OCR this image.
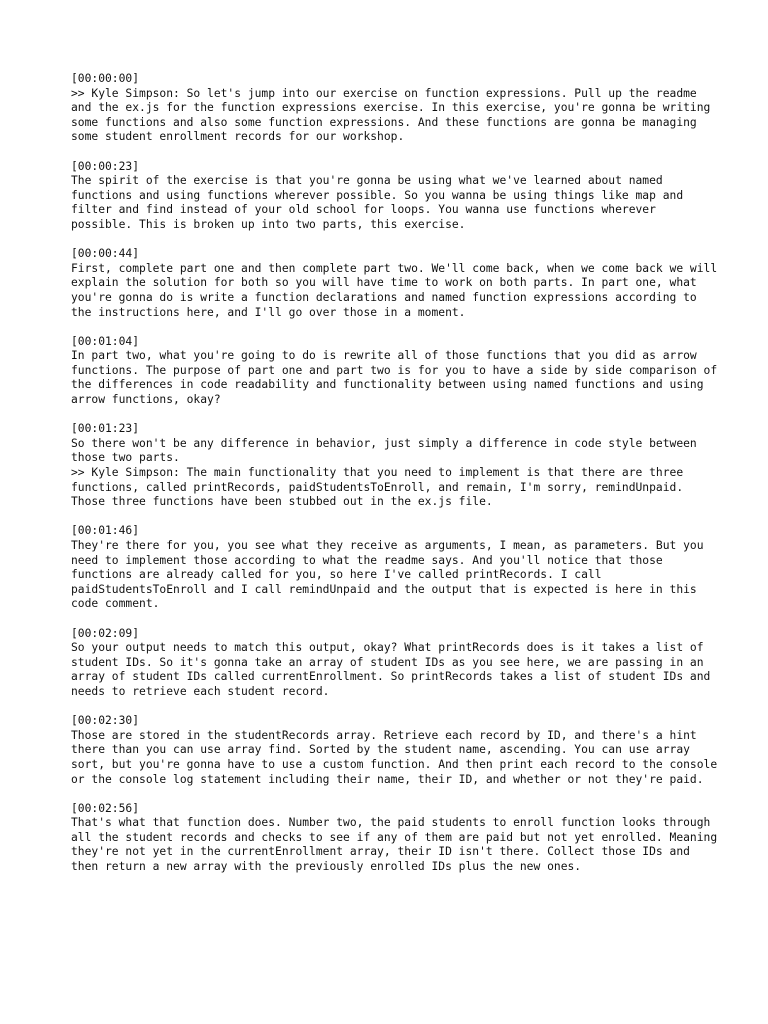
[00:00:00]
>> Kyle Simpson: So let's jump into our exercise on function expressions. Pull up the readme and the ex.js for the function expressions exercise. In this exercise, you're gonna be writing some functions and also some function expressions. And these functions are gonna be managing some student enrollment records for our workshop.
[00:00:23]
The spirit of the exercise is that you're gonna be using what we've learned about named functions and using functions wherever possible. So you wanna be using things like map and filter and find instead of your old school for loops. You wanna use functions wherever possible. This is broken up into two parts, this exercise.
[00:00:44]
First, complete part one and then complete part two. We'll come back, when we come back we will explain the solution for both so you will have time to work on both parts. In part one, what you're gonna do is write a function declarations and named function expressions according to the instructions here, and I'll go over those in a moment.
[00:01:04]
In part two, what you're going to do is rewrite all of those functions that you did as arrow functions. The purpose of part one and part two is for you to have a side by side comparison of the differences in code readability and functionality between using named functions and using arrow functions, okay?
[00:01:23]
So there won't be any difference in behavior, just simply a difference in code style between those two parts.
>> Kyle Simpson: The main functionality that you need to implement is that there are three functions, called printRecords, paidStudentsToEnroll, and remain, I'm sorry, remindUnpaid. Those three functions have been stubbed out in the ex.js file.
[00:01:46]
They're there for you, you see what they receive as arguments, I mean, as parameters. But you need to implement those according to what the readme says. And you'll notice that those functions are already called for you, so here I've called printRecords. I call paidStudentsToEnroll and I call remindUnpaid and the output that is expected is here in this code comment.
[00:02:09]
So your output needs to match this output, okay? What printRecords does is it takes a list of student IDs. So it's gonna take an array of student IDs as you see here, we are passing in an array of student IDs called currentEnrollment. So printRecords takes a list of student IDs and needs to retrieve each student record.
[00:02:30]
Those are stored in the studentRecords array. Retrieve each record by ID, and there's a hint there than you can use array find. Sorted by the student name, ascending. You can use array sort, but you're gonna have to use a custom function. And then print each record to the console or the console log statement including their name, their ID, and whether or not they're paid.
[00:02:56]
That's what that function does. Number two, the paid students to enroll function looks through all the student records and checks to see if any of them are paid but not yet enrolled. Meaning they're not yet in the currentEnrollment array, their ID isn't there. Collect those IDs and then return a new array with the previously enrolled IDs plus the new ones.
